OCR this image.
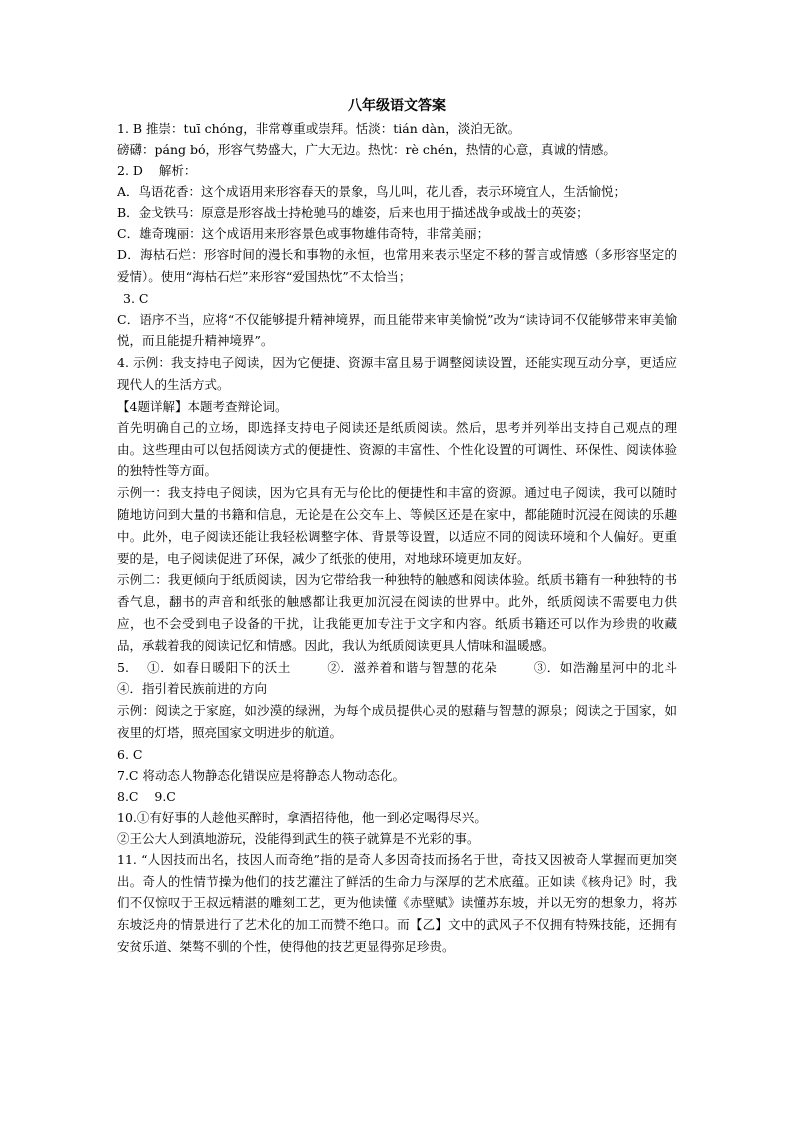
八年级语文答案

1. B 推崇：tuī chóng，非常尊重或崇拜。恬淡：tián dàn，淡泊无欲。

磅礴：páng bó，形容气势盛大，广大无边。热忱：rè chén，热情的心意，真诚的情感。

2. D    解析：

A．鸟语花香：这个成语用来形容春天的景象，鸟儿叫，花儿香，表示环境宜人，生活愉悦；

B．金戈铁马：原意是形容战士持枪驰马的雄姿，后来也用于描述战争或战士的英姿；

C．雄奇瑰丽：这个成语用来形容景色或事物雄伟奇特，非常美丽；

D．海枯石烂：形容时间的漫长和事物的永恒，也常用来表示坚定不移的誓言或情感（多形容坚定的爱情）。使用“海枯石烂”来形容“爱国热忱”不太恰当；

3. C

C．语序不当，应将“不仅能够提升精神境界，而且能带来审美愉悦”改为“读诗词不仅能够带来审美愉悦，而且能提升精神境界”。

4. 示例：我支持电子阅读，因为它便捷、资源丰富且易于调整阅读设置，还能实现互动分享，更适应现代人的生活方式。

【4题详解】本题考查辩论词。

首先明确自己的立场，即选择支持电子阅读还是纸质阅读。然后，思考并列举出支持自己观点的理由。这些理由可以包括阅读方式的便捷性、资源的丰富性、个性化设置的可调性、环保性、阅读体验的独特性等方面。

示例一：我支持电子阅读，因为它具有无与伦比的便捷性和丰富的资源。通过电子阅读，我可以随时随地访问到大量的书籍和信息，无论是在公交车上、等候区还是在家中，都能随时沉浸在阅读的乐趣中。此外，电子阅读还能让我轻松调整字体、背景等设置，以适应不同的阅读环境和个人偏好。更重要的是，电子阅读促进了环保，减少了纸张的使用，对地球环境更加友好。

示例二：我更倾向于纸质阅读，因为它带给我一种独特的触感和阅读体验。纸质书籍有一种独特的书香气息，翻书的声音和纸张的触感都让我更加沉浸在阅读的世界中。此外，纸质阅读不需要电力供应，也不会受到电子设备的干扰，让我能更加专注于文字和内容。纸质书籍还可以作为珍贵的收藏品，承载着我的阅读记忆和情感。因此，我认为纸质阅读更具人情味和温暖感。

5.    ①．如春日暖阳下的沃土        ②．滋养着和谐与智慧的花朵        ③．如浩瀚星河中的北斗        ④．指引着民族前进的方向

示例：阅读之于家庭，如沙漠的绿洲，为每个成员提供心灵的慰藉与智慧的源泉；阅读之于国家，如夜里的灯塔，照亮国家文明进步的航道。

6. C

7.C 将动态人物静态化错误应是将静态人物动态化。

8.C    9.C

10.①有好事的人趁他买醉时，拿酒招待他，他一到必定喝得尽兴。

②王公大人到滇地游玩，没能得到武生的筷子就算是不光彩的事。

11. “人因技而出名，技因人而奇绝”指的是奇人多因奇技而扬名于世，奇技又因被奇人掌握而更加突出。奇人的性情节操为他们的技艺灌注了鲜活的生命力与深厚的艺术底蕴。正如读《核舟记》时，我们不仅惊叹于王叔远精湛的雕刻工艺，更为他读懂《赤壁赋》读懂苏东坡，并以无穷的想象力，将苏东坡泛舟的情景进行了艺术化的加工而赞不绝口。而【乙】文中的武风子不仅拥有特殊技能，还拥有安贫乐道、桀骜不驯的个性，使得他的技艺更显得弥足珍贵。
